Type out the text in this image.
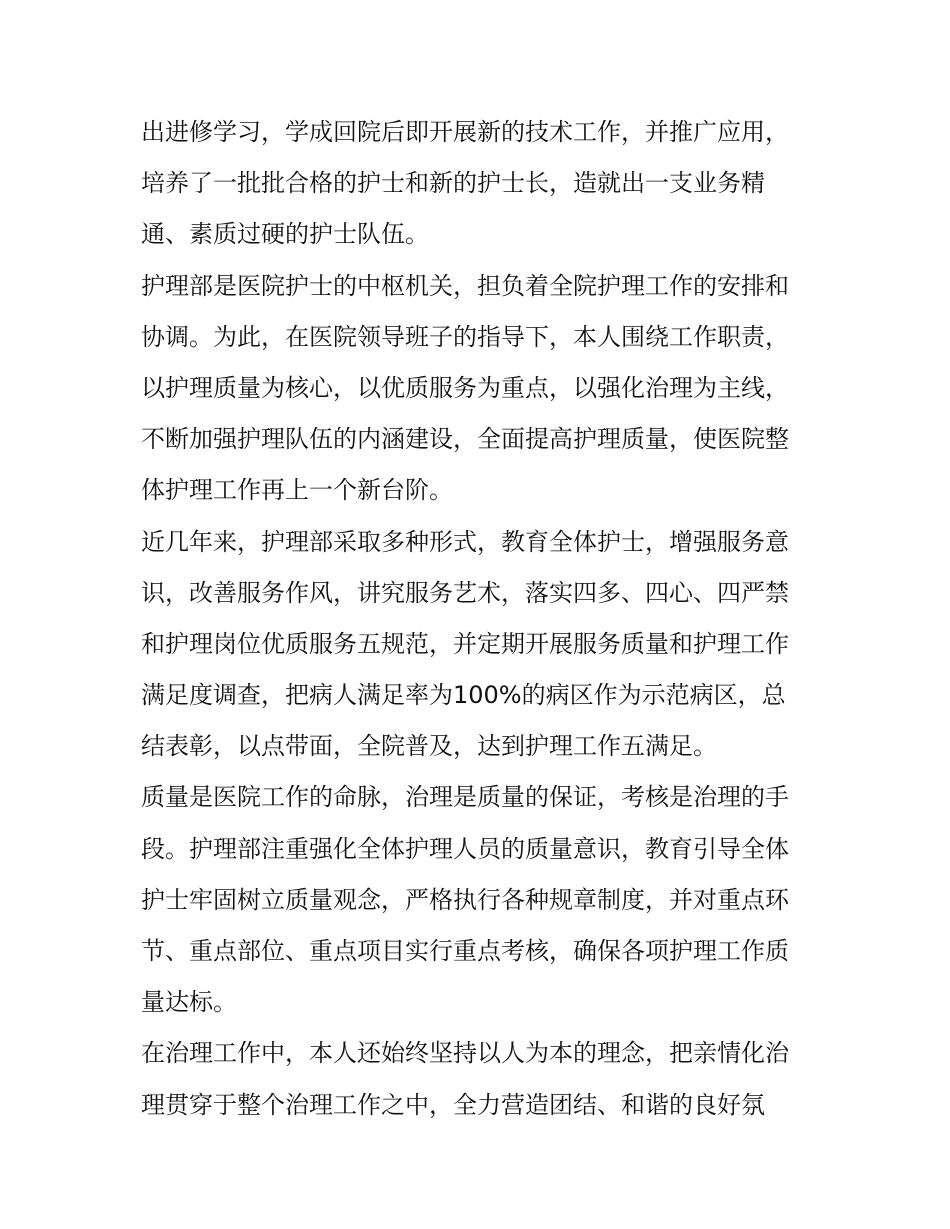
出进修学习，学成回院后即开展新的技术工作，并推广应用，
培养了一批批合格的护士和新的护士长，造就出一支业务精
通、素质过硬的护士队伍。

护理部是医院护士的中枢机关，担负着全院护理工作的安排和
协调。为此，在医院领导班子的指导下，本人围绕工作职责，
以护理质量为核心，以优质服务为重点，以强化治理为主线，
不断加强护理队伍的内涵建设，全面提高护理质量，使医院整
体护理工作再上一个新台阶。

近几年来，护理部采取多种形式，教育全体护士，增强服务意
识，改善服务作风，讲究服务艺术，落实四多、四心、四严禁
和护理岗位优质服务五规范，并定期开展服务质量和护理工作
满足度调查，把病人满足率为100%的病区作为示范病区，总
结表彰，以点带面，全院普及，达到护理工作五满足。

质量是医院工作的命脉，治理是质量的保证，考核是治理的手
段。护理部注重强化全体护理人员的质量意识，教育引导全体
护士牢固树立质量观念，严格执行各种规章制度，并对重点环
节、重点部位、重点项目实行重点考核，确保各项护理工作质
量达标。

在治理工作中，本人还始终坚持以人为本的理念，把亲情化治
理贯穿于整个治理工作之中，全力营造团结、和谐的良好氛
